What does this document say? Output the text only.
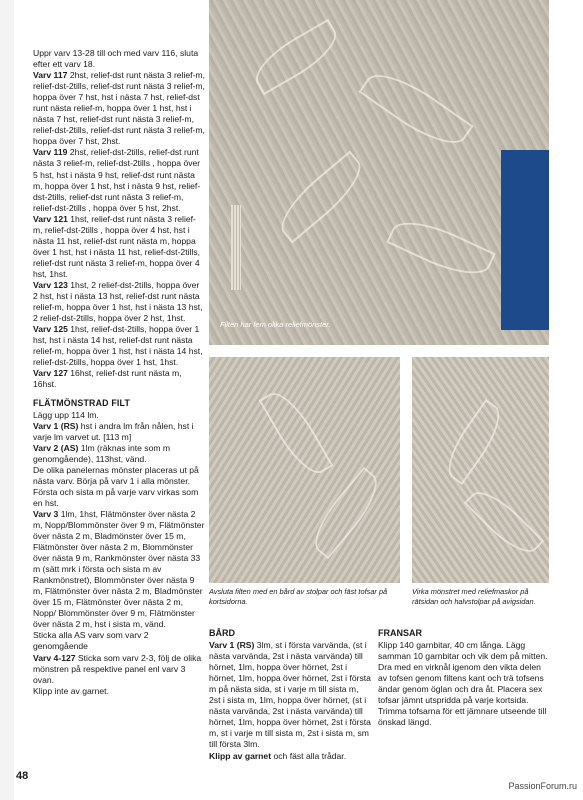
Uppr varv 13-28 till och med varv 116, sluta efter ett varv 18.

Varv 117 2hst, relief-dst runt nästa 3 relief-m, relief-dst-2tills, relief-dst runt nästa 3 relief-m, hoppa över 7 hst, hst i nästa 7 hst, relief-dst runt nästa relief-m, hoppa över 1 hst, hst i nästa 7 hst, relief-dst runt nästa 3 relief-m, relief-dst-2tills, relief-dst runt nästa 3 relief-m, hoppa över 7 hst, 2hst.

Varv 119 2hst, relief-dst-2tills, relief-dst runt nästa 3 relief-m, relief-dst-2tills , hoppa över 5 hst, hst i nästa 9 hst, relief-dst runt nästa m, hoppa över 1 hst, hst i nästa 9 hst, relief-dst-2tills, relief-dst runt nästa 3 relief-m, relief-dst-2tills , hoppa över 5 hst, 2hst.

Varv 121 1hst, relief-dst runt nästa 3 relief-m, relief-dst-2tills , hoppa över 4 hst, hst i nästa 11 hst, relief-dst runt nästa m, hoppa över 1 hst, hst i nästa 11 hst, relief-dst-2tills, relief-dst runt nästa 3 relief-m, hoppa över 4 hst, 1hst.

Varv 123 1hst, 2 relief-dst-2tills, hoppa över 2 hst, hst i nästa 13 hst, relief-dst runt nästa relief-m, hoppa över 1 hst, hst i nästa 13 hst, 2 relief-dst-2tills, hoppa över 2 hst, 1hst.

Varv 125 1hst, relief-dst-2tills, hoppa över 1 hst, hst i nästa 14 hst, relief-dst runt nästa relief-m, hoppa över 1 hst, hst i nästa 14 hst, relief-dst-2tills, hoppa över 1 hst, 1hst.

Varv 127 16hst, relief-dst runt nästa m, 16hst.

FLÄTMÖNSTRAD FILT

Lägg upp 114 lm.

Varv 1 (RS) hst i andra lm från nålen, hst i varje lm varvet ut. [113 m]

Varv 2 (AS) 1lm (räknas inte som m genomgående), 113hst, vänd.

De olika panelernas mönster placeras ut på nästa varv. Börja på varv 1 i alla mönster. Första och sista m på varje varv virkas som en hst.

Varv 3 1lm, 1hst, Flätmönster över nästa 2 m, Nopp/Blommönster över 9 m, Flätmönster över nästa 2 m, Bladmönster över 15 m, Flätmönster över nästa 2 m, Blommönster över nästa 9 m, Rankmönster över nästa 33 m (sätt mrk i första och sista m av Rankmönstret), Blommönster över nästa 9 m, Flätmönster över nästa 2 m, Bladmönster över 15 m, Flätmönster över nästa 2 m, Nopp/ Blommönster över 9 m, Flätmönster över nästa 2 m, hst i sista m, vänd.

Sticka alla AS varv som varv 2 genomgående

Varv 4-127 Sticka som varv 2-3, följ de olika mönstren på respektive panel enl varv 3 ovan.

Klipp inte av garnet.

Filten har fem olika reliefmönster.
Avsluta filten med en bård av stolpar och fäst tofsar på kortsidorna.
Virka mönstret med reliefmaskor på rätsidan och halvstolpar på avigsidan.

BÅRD

Varv 1 (RS) 3lm, st i första varvända, (st i nästa varvända, 2st i nästa varvända) till hörnet, 1lm, hoppa över hörnet, 2st i hörnet, 1lm, hoppa över hörnet, 2st i första m på nästa sida, st i varje m till sista m, 2st i sista m, 1lm, hoppa över hörnet, (st i nästa varvända, 2st i nästa varvända) till hörnet, 1lm, hoppa över hörnet, 2st i första m, st i varje m till sista m, 2st i sista m, sm till första 3lm.

Klipp av garnet och fäst alla trådar.

FRANSAR

Klipp 140 garnbitar, 40 cm långa. Lägg samman 10 garnbitar och vik dem på mitten. Dra med en virknål igenom den vikta delen av tofsen genom filtens kant och trä tofsens ändar genom öglan och dra åt. Placera sex tofsar jämnt utspridda på varje kortsida. Trimma tofsarna för ett jämnare utseende till önskad längd.

48
PassionForum.ru
